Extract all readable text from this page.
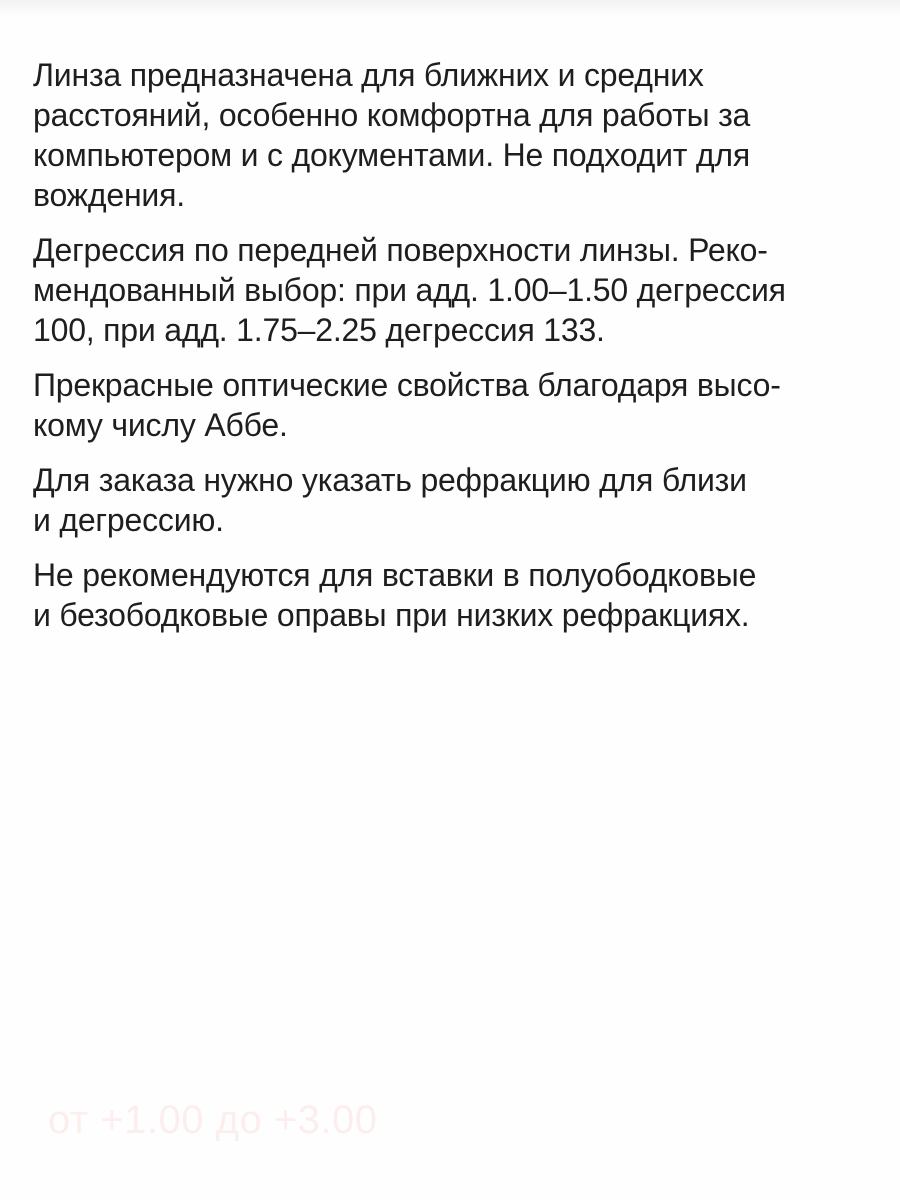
Линза предназначена для ближних и средних
расстояний, особенно комфортна для работы за
компьютером и с документами. Не подходит для
вождения.
Дегрессия по передней поверхности линзы. Реко-
мендованный выбор: при адд. 1.00–1.50 дегрессия
100, при адд. 1.75–2.25 дегрессия 133.
Прекрасные оптические свойства благодаря высо-
кому числу Аббе.
Для заказа нужно указать рефракцию для близи
и дегрессию.
Не рекомендуются для вставки в полуободковые
и безободковые оправы при низких рефракциях.
от +1.00 до +3.00
